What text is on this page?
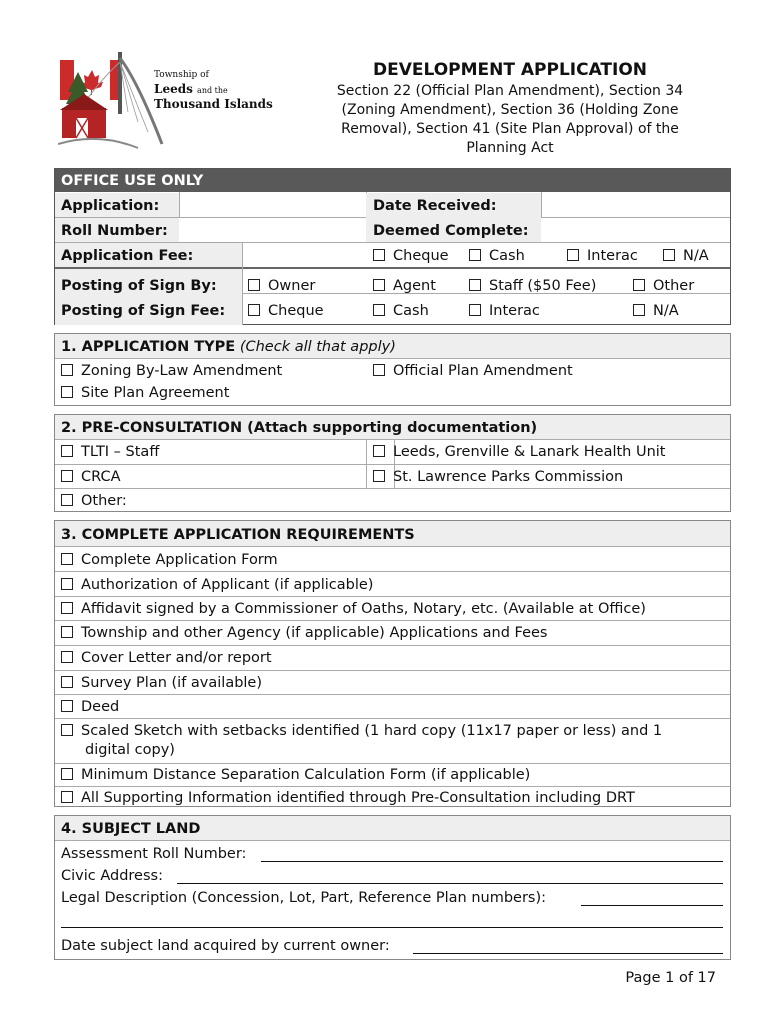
Township of
Leeds and the
Thousand Islands
DEVELOPMENT APPLICATION
Section 22 (Official Plan Amendment), Section 34
(Zoning Amendment), Section 36 (Holding Zone
Removal), Section 41 (Site Plan Approval) of the
Planning Act
OFFICE USE ONLY
Application:	Date Received:
Roll Number:	Deemed Complete:
Application Fee:	Cheque	Cash	Interac	N/A
Posting of Sign By:	Owner	Agent	Staff ($50 Fee)	Other
Posting of Sign Fee:	Cheque	Cash	Interac	N/A
1. APPLICATION TYPE (Check all that apply)
Zoning By-Law Amendment	Official Plan Amendment
Site Plan Agreement
2. PRE-CONSULTATION (Attach supporting documentation)
TLTI – Staff	Leeds, Grenville & Lanark Health Unit
CRCA	St. Lawrence Parks Commission
Other:
3. COMPLETE APPLICATION REQUIREMENTS
Complete Application Form
Authorization of Applicant (if applicable)
Affidavit signed by a Commissioner of Oaths, Notary, etc. (Available at Office)
Township and other Agency (if applicable) Applications and Fees
Cover Letter and/or report
Survey Plan (if available)
Deed
Scaled Sketch with setbacks identified (1 hard copy (11x17 paper or less) and 1
digital copy)
Minimum Distance Separation Calculation Form (if applicable)
All Supporting Information identified through Pre-Consultation including DRT
4. SUBJECT LAND
Assessment Roll Number:
Civic Address:
Legal Description (Concession, Lot, Part, Reference Plan numbers):
Date subject land acquired by current owner:
Page 1 of 17
